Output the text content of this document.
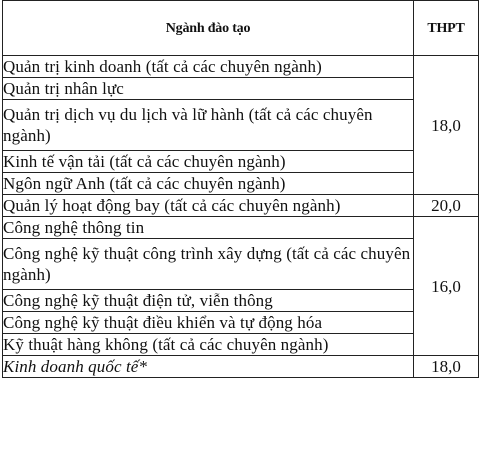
Ngành đào tạo	THPT
Quản trị kinh doanh (tất cả các chuyên ngành)	18,0
Quản trị nhân lực	
Quản trị dịch vụ du lịch và lữ hành (tất cả các chuyên ngành)	
Kinh tế vận tải (tất cả các chuyên ngành)	
Ngôn ngữ Anh (tất cả các chuyên ngành)	
Quản lý hoạt động bay (tất cả các chuyên ngành)	20,0
Công nghệ thông tin	16,0
Công nghệ kỹ thuật công trình xây dựng (tất cả các chuyên ngành)	
Công nghệ kỹ thuật điện tử, viễn thông	
Công nghệ kỹ thuật điều khiển và tự động hóa	
Kỹ thuật hàng không (tất cả các chuyên ngành)	
Kinh doanh quốc tế*	18,0
